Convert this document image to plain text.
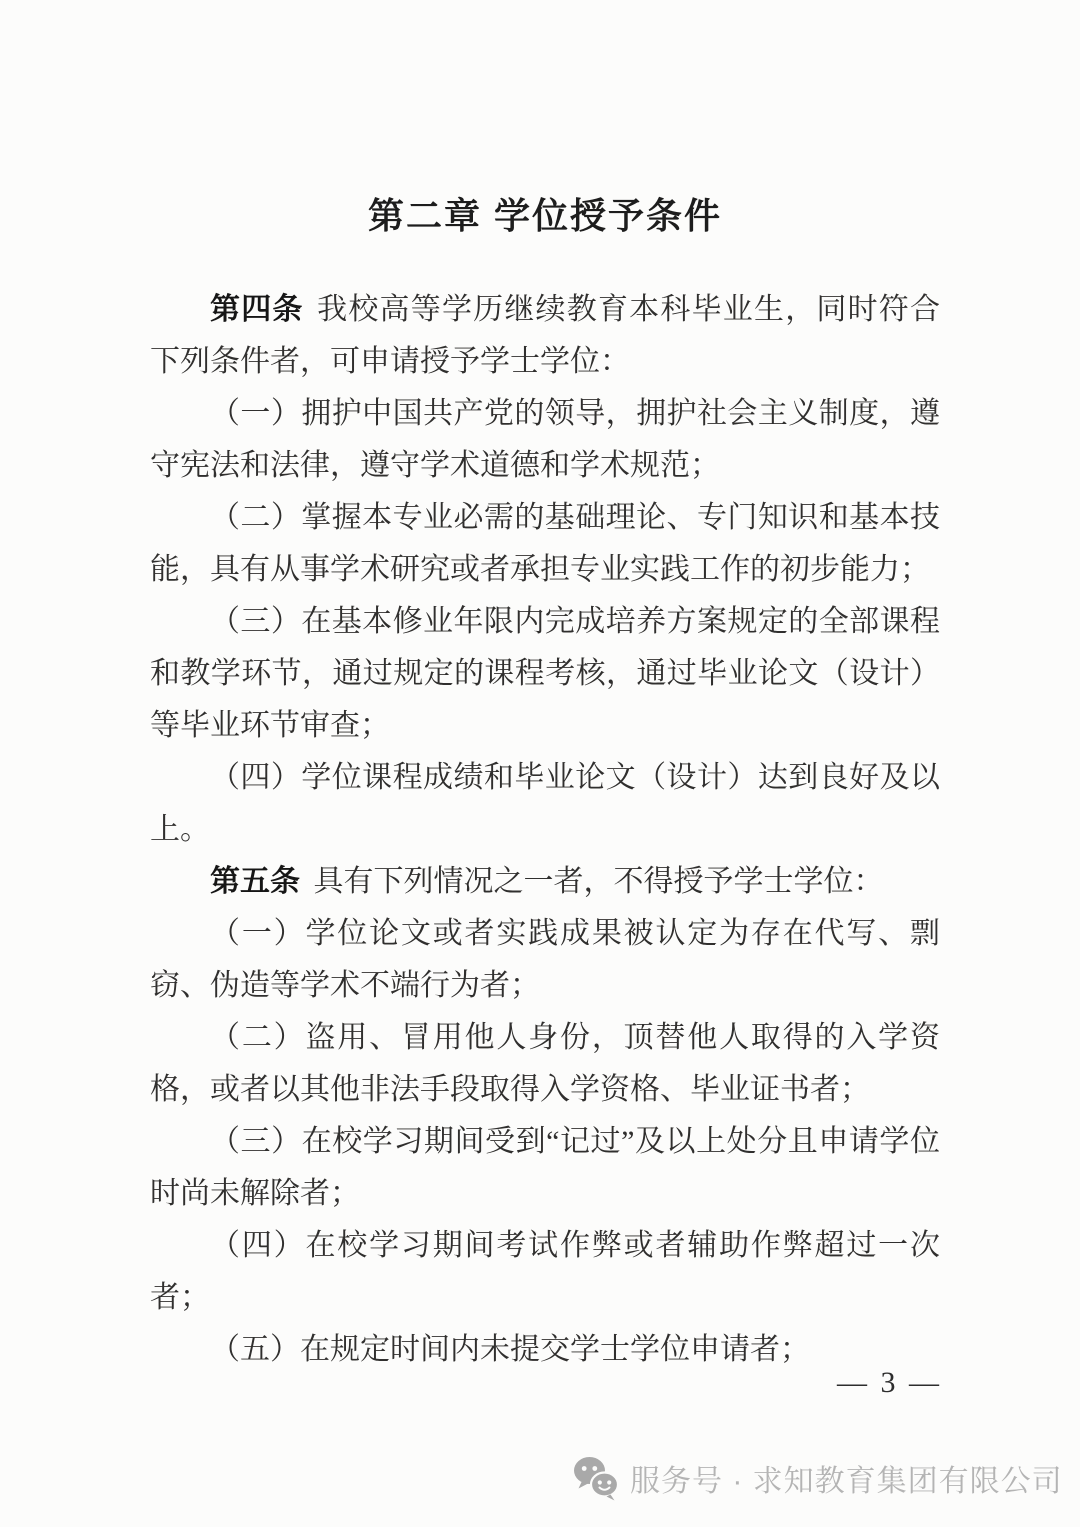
第二章 学位授予条件

第四条 我校高等学历继续教育本科毕业生，同时符合下列条件者，可申请授予学士学位：

（一）拥护中国共产党的领导，拥护社会主义制度，遵守宪法和法律，遵守学术道德和学术规范；

（二）掌握本专业必需的基础理论、专门知识和基本技能，具有从事学术研究或者承担专业实践工作的初步能力；

（三）在基本修业年限内完成培养方案规定的全部课程和教学环节，通过规定的课程考核，通过毕业论文（设计）等毕业环节审查；

（四）学位课程成绩和毕业论文（设计）达到良好及以上。

第五条 具有下列情况之一者，不得授予学士学位：

（一）学位论文或者实践成果被认定为存在代写、剽窃、伪造等学术不端行为者；

（二）盗用、冒用他人身份，顶替他人取得的入学资格，或者以其他非法手段取得入学资格、毕业证书者；

（三）在校学习期间受到“记过”及以上处分且申请学位时尚未解除者；

（四）在校学习期间考试作弊或者辅助作弊超过一次者；

（五）在规定时间内未提交学士学位申请者；

— 3 —
服务号 · 求知教育集团有限公司
